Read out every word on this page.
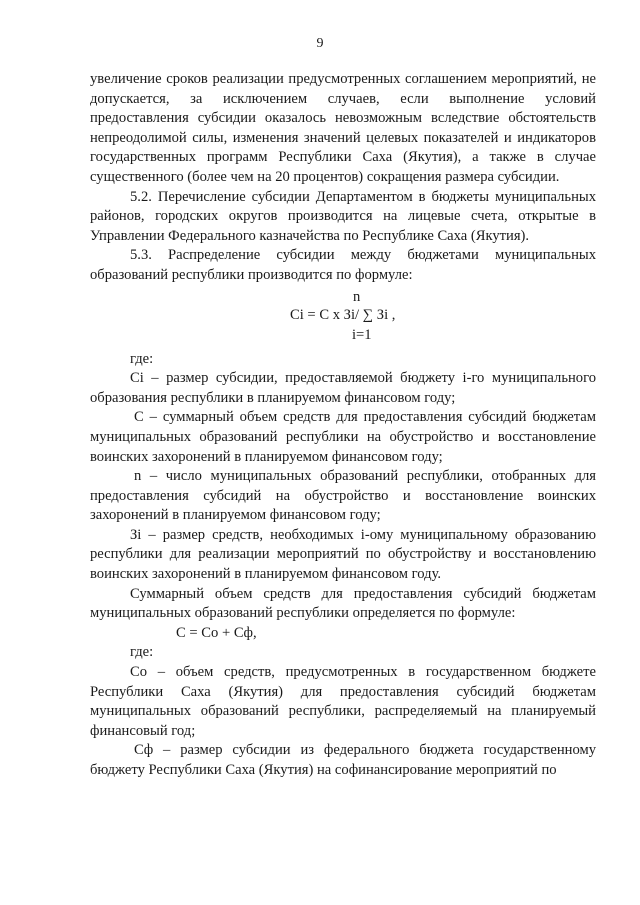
9

увеличение сроков реализации предусмотренных соглашением мероприятий, не допускается, за исключением случаев, если выполнение условий предоставления субсидии оказалось невозможным вследствие обстоятельств непреодолимой силы, изменения значений целевых показателей и индикаторов государственных программ Республики Саха (Якутия), а также в случае существенного (более чем на 20 процентов) сокращения размера субсидии.

5.2. Перечисление субсидии Департаментом в бюджеты муниципальных районов, городских округов производится на лицевые счета, открытые в Управлении Федерального казначейства по Республике Саха (Якутия).

5.3. Распределение субсидии между бюджетами муниципальных образований республики производится по формуле:

n
Ci = C x Зi/ ∑ Зi ,
i=1

где:

Ci – размер субсидии, предоставляемой бюджету i-го муниципального образования республики в планируемом финансовом году;

С – суммарный объем средств для предоставления субсидий бюджетам муниципальных образований республики на обустройство и восстановление воинских захоронений в планируемом финансовом году;

n – число муниципальных образований республики, отобранных для предоставления субсидий на обустройство и восстановление воинских захоронений в планируемом финансовом году;

Зi – размер средств, необходимых i-ому муниципальному образованию республики для реализации мероприятий по обустройству и восстановлению воинских захоронений в планируемом финансовом году.

Суммарный объем средств для предоставления субсидий бюджетам муниципальных образований республики определяется по формуле:

С = Со + Сф,

где:

Со – объем средств, предусмотренных в государственном бюджете Республики Саха (Якутия) для предоставления субсидий бюджетам муниципальных образований республики, распределяемый на планируемый финансовый год;

Сф – размер субсидии из федерального бюджета государственному бюджету Республики Саха (Якутия) на софинансирование мероприятий по
